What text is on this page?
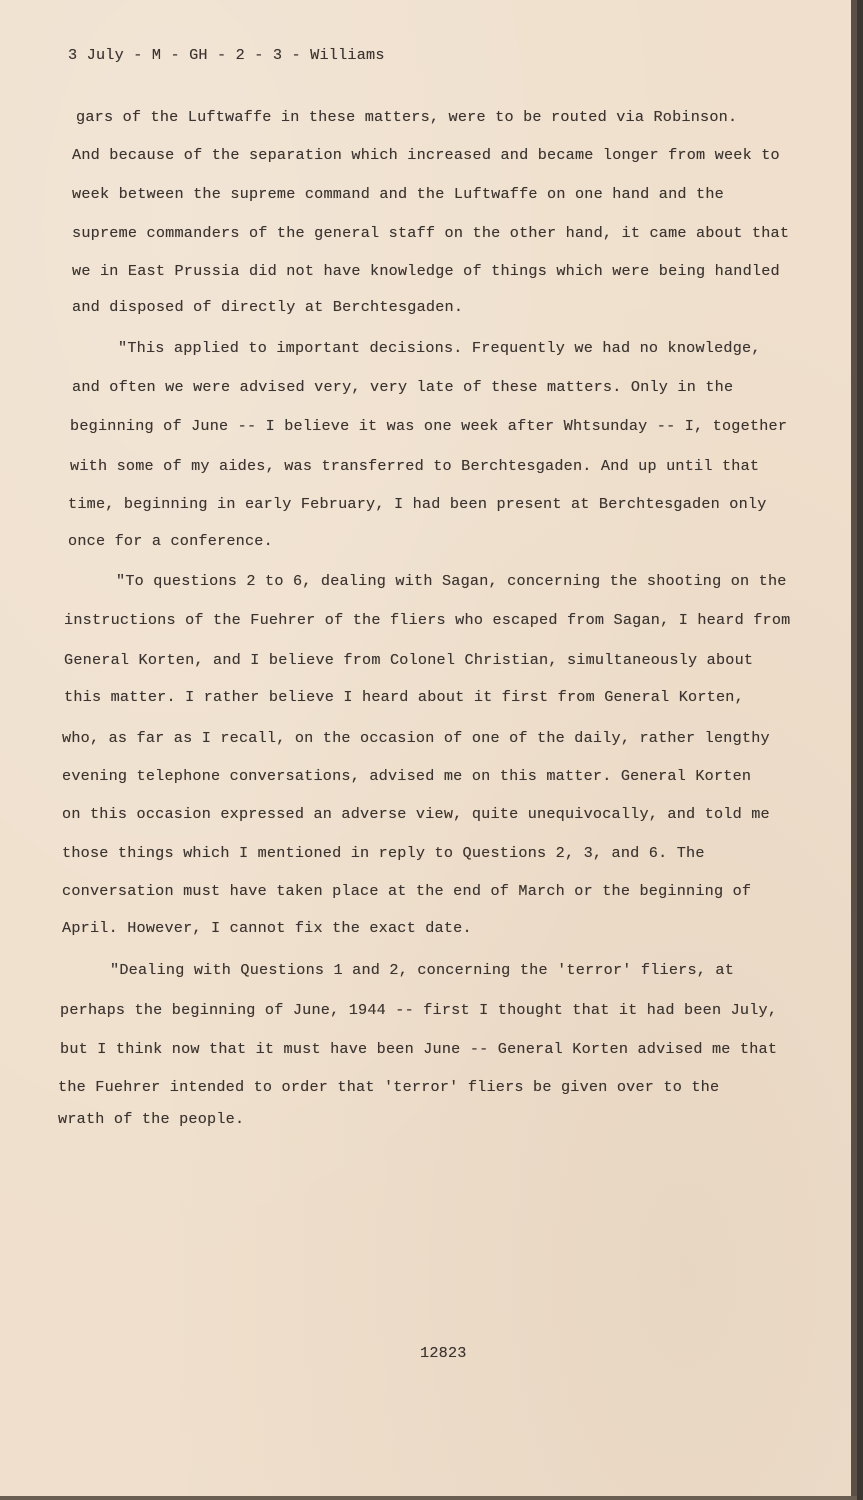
3 July - M - GH - 2 - 3 - Williams
gars of the Luftwaffe in these matters, were to be routed via Robinson.
And because of the separation which increased and became longer from week to
week between the supreme command and the Luftwaffe on one hand and the
supreme commanders of the general staff on the other hand, it came about that
we in East Prussia did not have knowledge of things which were being handled
and disposed of directly at Berchtesgaden.
"This applied to important decisions. Frequently we had no knowledge,
and often we were advised very, very late of these matters. Only in the
beginning of June -- I believe it was one week after Whtsunday -- I, together
with some of my aides, was transferred to Berchtesgaden. And up until that
time, beginning in early February, I had been present at Berchtesgaden only
once for a conference.
"To questions 2 to 6, dealing with Sagan, concerning the shooting on the
instructions of the Fuehrer of the fliers who escaped from Sagan, I heard from
General Korten, and I believe from Colonel Christian, simultaneously about
this matter. I rather believe I heard about it first from General Korten,
who, as far as I recall, on the occasion of one of the daily, rather lengthy
evening telephone conversations, advised me on this matter. General Korten
on this occasion expressed an adverse view, quite unequivocally, and told me
those things which I mentioned in reply to Questions 2, 3, and 6. The
conversation must have taken place at the end of March or the beginning of
April. However, I cannot fix the exact date.
"Dealing with Questions 1 and 2, concerning the 'terror' fliers, at
perhaps the beginning of June, 1944 -- first I thought that it had been July,
but I think now that it must have been June -- General Korten advised me that
the Fuehrer intended to order that 'terror' fliers be given over to the
wrath of the people.
12823
